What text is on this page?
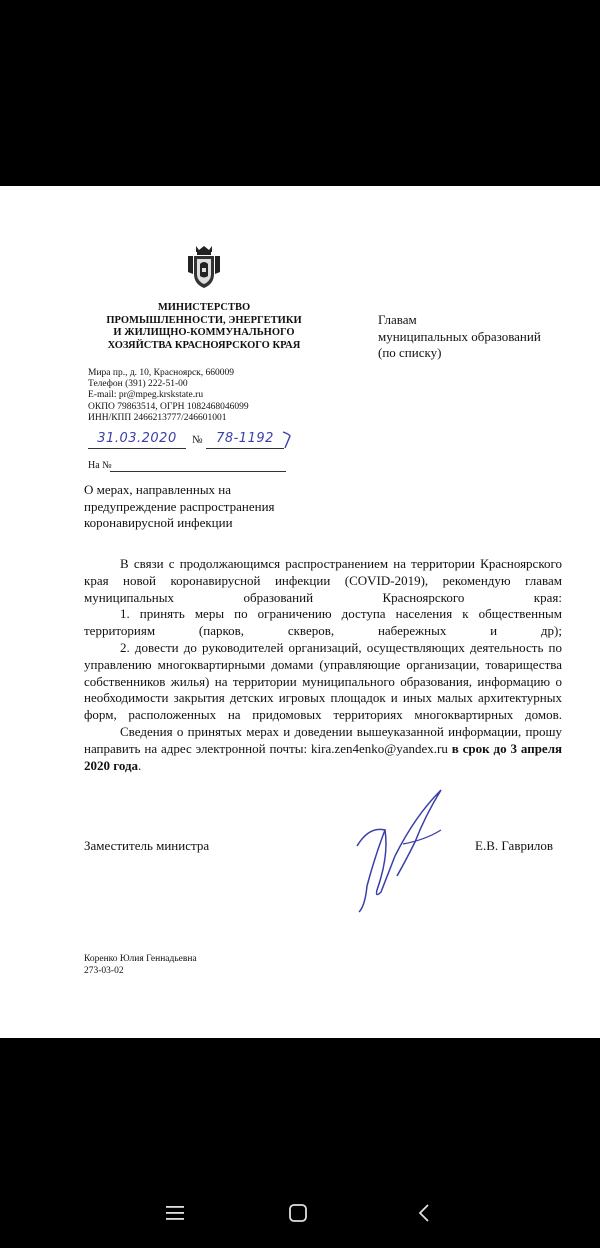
МИНИСТЕРСТВО
ПРОМЫШЛЕННОСТИ, ЭНЕРГЕТИКИ
И ЖИЛИЩНО-КОММУНАЛЬНОГО
ХОЗЯЙСТВА КРАСНОЯРСКОГО КРАЯ
Мира пр., д. 10, Красноярск, 660009
Телефон (391) 222-51-00
E-mail: pr@mpeg.krskstate.ru
ОКПО 79863514, ОГРН 1082468046099
ИНН/КПП 2466213777/246601001
31.03.2020	№	78-1192
На №
Главам
муниципальных образований
(по списку)
О мерах, направленных на
предупреждение распространения
коронавирусной инфекции

В связи с продолжающимся распространением на территории Красноярского края новой коронавирусной инфекции (COVID-2019), рекомендую главам муниципальных образований Красноярского края:

1. принять меры по ограничению доступа населения к общественным территориям (парков, скверов, набережных и др);

2. довести до руководителей организаций, осуществляющих деятельность по управлению многоквартирными домами (управляющие организации, товарищества собственников жилья) на территории муниципального образования, информацию о необходимости закрытия детских игровых площадок и иных малых архитектурных форм, расположенных на придомовых территориях многоквартирных домов.

Сведения о принятых мерах и доведении вышеуказанной информации, прошу направить на адрес электронной почты: kira.zen4enko@yandex.ru в срок до 3 апреля 2020 года.

Заместитель министра	Е.В. Гаврилов
Коренко Юлия Геннадьевна
273-03-02
